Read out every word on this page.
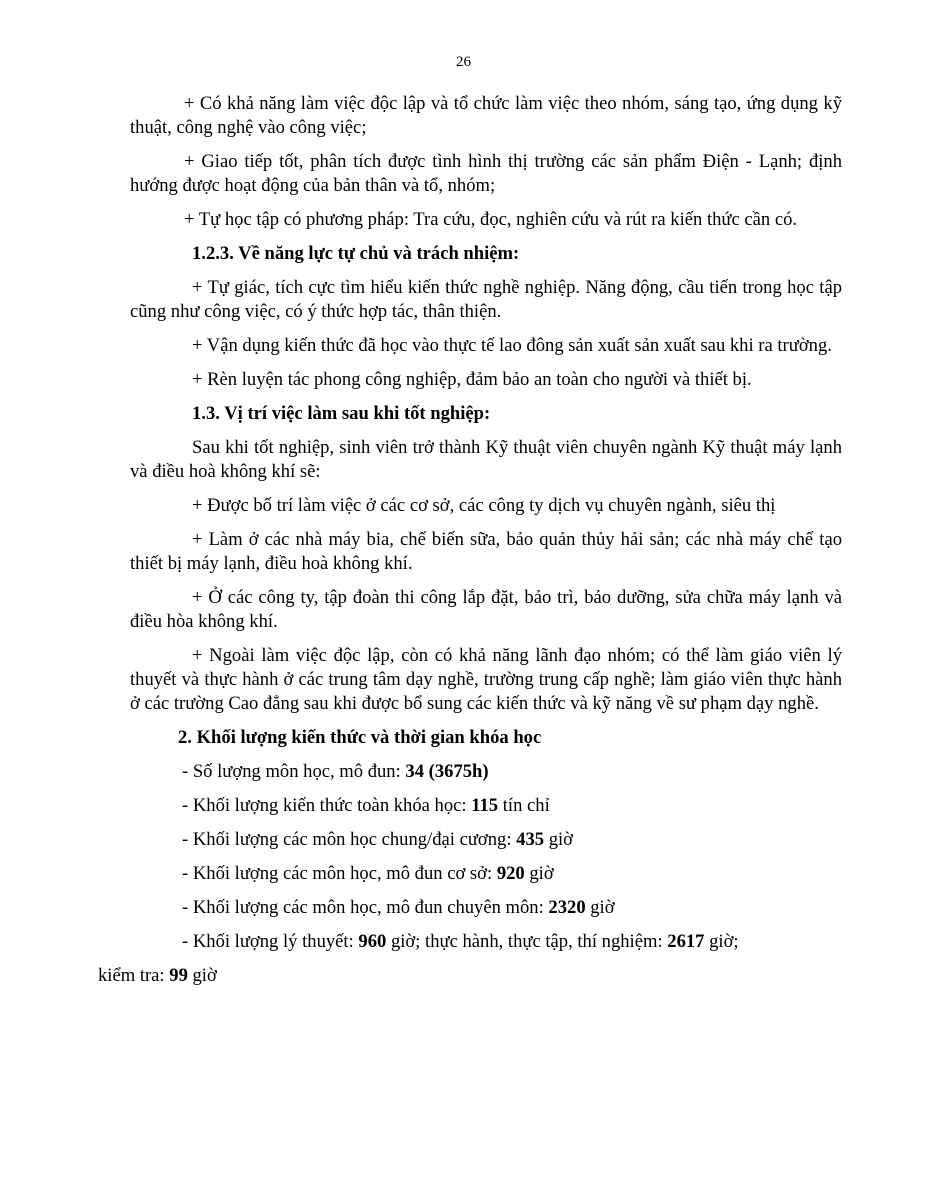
26

+ Có khả năng làm việc độc lập và tổ chức làm việc theo nhóm, sáng tạo, ứng dụng kỹ thuật, công nghệ vào công việc;

+ Giao tiếp tốt, phân tích được tình hình thị trường các sản phẩm Điện - Lạnh; định hướng được hoạt động của bản thân và tổ, nhóm;

+ Tự học tập có phương pháp: Tra cứu, đọc, nghiên cứu và rút ra kiến thức cần có.

1.2.3. Về năng lực tự chủ và trách nhiệm:

+ Tự giác, tích cực tìm hiểu kiến thức nghề nghiệp. Năng động, cầu tiến trong học tập cũng như công việc, có ý thức hợp tác, thân thiện.

+ Vận dụng kiến thức đã học vào thực tế lao đông sản xuất sản xuất sau khi ra trường.

+ Rèn luyện tác phong công nghiệp, đảm bảo an toàn cho người và thiết bị.

1.3. Vị trí việc làm sau khi tốt nghiệp:

Sau khi tốt nghiệp, sinh viên trở thành Kỹ thuật viên chuyên ngành Kỹ thuật máy lạnh và điều hoà không khí sẽ:

+ Được bố trí làm việc ở các cơ sở, các công ty dịch vụ chuyên ngành, siêu thị

+ Làm ở các nhà máy bia, chế biến sữa, bảo quản thủy hải sản; các nhà máy chế tạo thiết bị máy lạnh, điều hoà không khí.

+ Ở các công ty, tập đoàn thi công lắp đặt, bảo trì, bảo dưỡng, sửa chữa máy lạnh và điều hòa không khí.

+ Ngoài làm việc độc lập, còn có khả năng lãnh đạo nhóm; có thể làm giáo viên lý thuyết và thực hành ở các trung tâm dạy nghề, trường trung cấp nghề; làm giáo viên thực hành ở các trường Cao đẳng sau khi được bổ sung các kiến thức và kỹ năng về sư phạm dạy nghề.

2. Khối lượng kiến thức và thời gian khóa học

- Số lượng môn học, mô đun: 34 (3675h)

- Khối lượng kiến thức toàn khóa học: 115 tín chỉ

- Khối lượng các môn học chung/đại cương: 435 giờ

- Khối lượng các môn học, mô đun cơ sở: 920 giờ

- Khối lượng các môn học, mô đun chuyên môn: 2320 giờ

- Khối lượng lý thuyết: 960 giờ; thực hành, thực tập, thí nghiệm: 2617 giờ;

kiểm tra: 99 giờ
